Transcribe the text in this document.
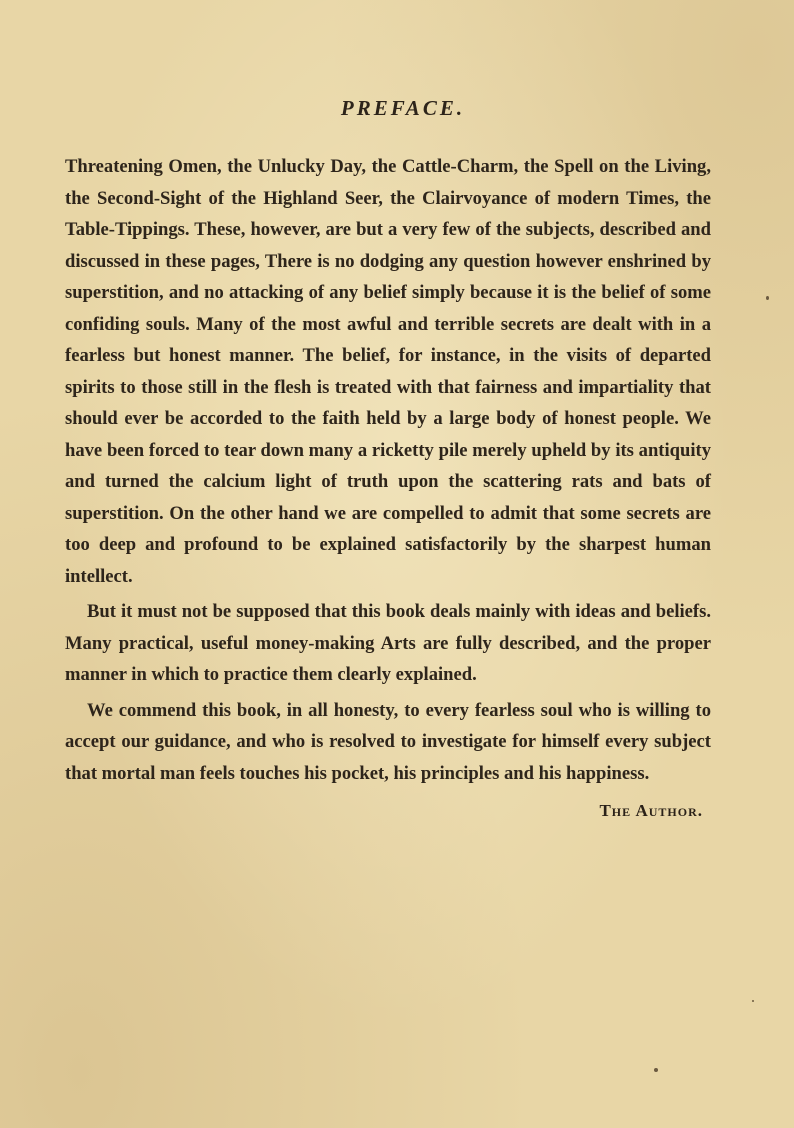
PREFACE.

Threatening Omen, the Unlucky Day, the Cattle-Charm, the Spell on the Living, the Second-Sight of the Highland Seer, the Clairvoyance of modern Times, the Table-Tippings. These, however, are but a very few of the subjects, described and discussed in these pages, There is no dodging any question however enshrined by superstition, and no attacking of any belief simply because it is the belief of some confiding souls. Many of the most awful and terrible secrets are dealt with in a fearless but honest manner. The belief, for instance, in the visits of departed spirits to those still in the flesh is treated with that fairness and impartiality that should ever be accorded to the faith held by a large body of honest people. We have been forced to tear down many a ricketty pile merely upheld by its antiquity and turned the calcium light of truth upon the scattering rats and bats of superstition. On the other hand we are compelled to admit that some secrets are too deep and profound to be explained satisfactorily by the sharpest human intellect.

But it must not be supposed that this book deals mainly with ideas and beliefs. Many practical, useful money-making Arts are fully described, and the proper manner in which to practice them clearly explained.

We commend this book, in all honesty, to every fearless soul who is willing to accept our guidance, and who is resolved to investigate for himself every subject that mortal man feels touches his pocket, his principles and his happiness.

The Author.
